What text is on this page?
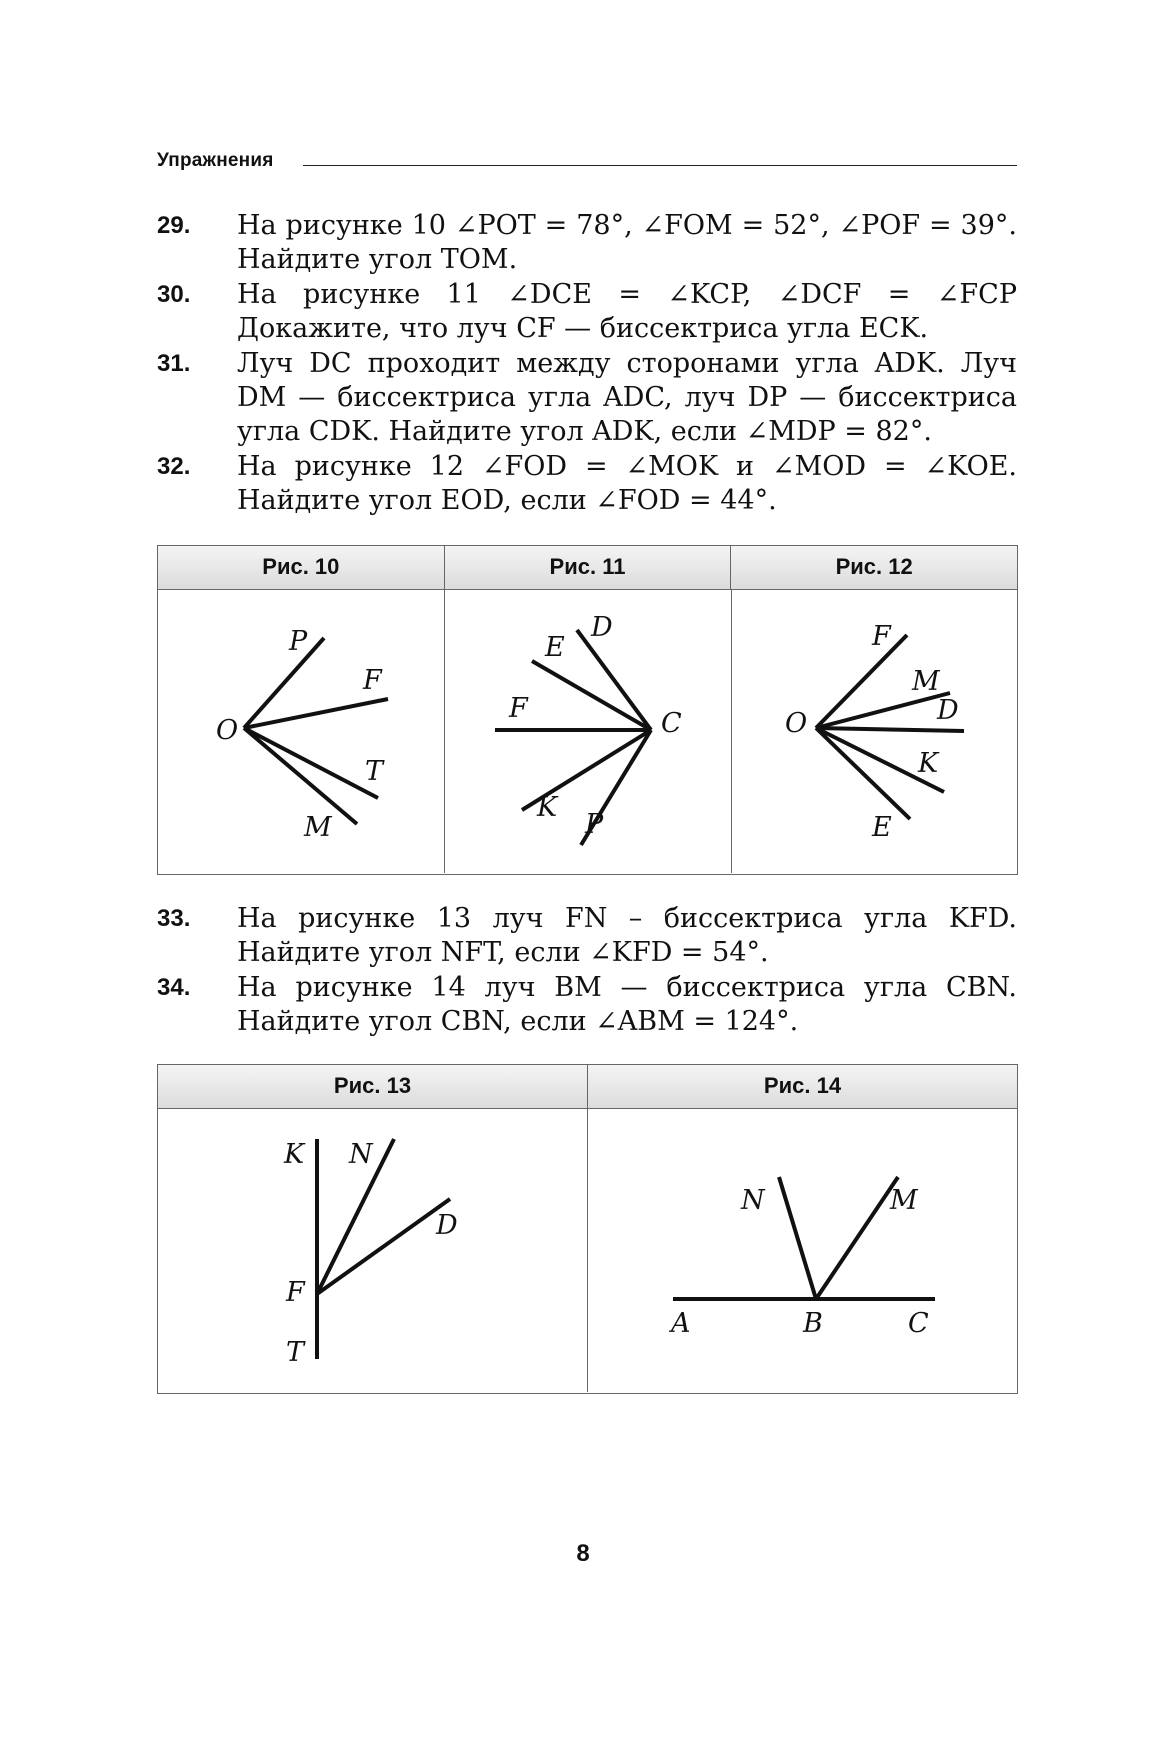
Упражнения
29. На рисунке 10 ∠POT = 78°, ∠FOM = 52°, ∠POF = 39°. Найдите угол TOM.
30. На рисунке 11 ∠DCE = ∠KCP, ∠DCF = ∠FCP Докажите, что луч CF — биссектриса угла ECK.
31. Луч DC проходит между сторонами угла ADK. Луч DM — биссектриса угла ADC, луч DP — биссектриса угла CDK. Найдите угол ADK, если ∠MDP = 82°.
32. На рисунке 12 ∠FOD = ∠MOK и ∠MOD = ∠KOE. Найдите угол EOD, если ∠FOD = 44°.
Рис. 10	Рис. 11	Рис. 12
O
P
F
T
M
D
E
F	C
K
P
F
M
D
O
K
E
33. На рисунке 13 луч FN – биссектриса угла KFD. Найдите угол NFT, если ∠KFD = 54°.
34. На рисунке 14 луч BM — биссектриса угла CBN. Найдите угол CBN, если ∠ABM = 124°.
Рис. 13	Рис. 14
K N
D
F
T
N	M
A	B	C
8
